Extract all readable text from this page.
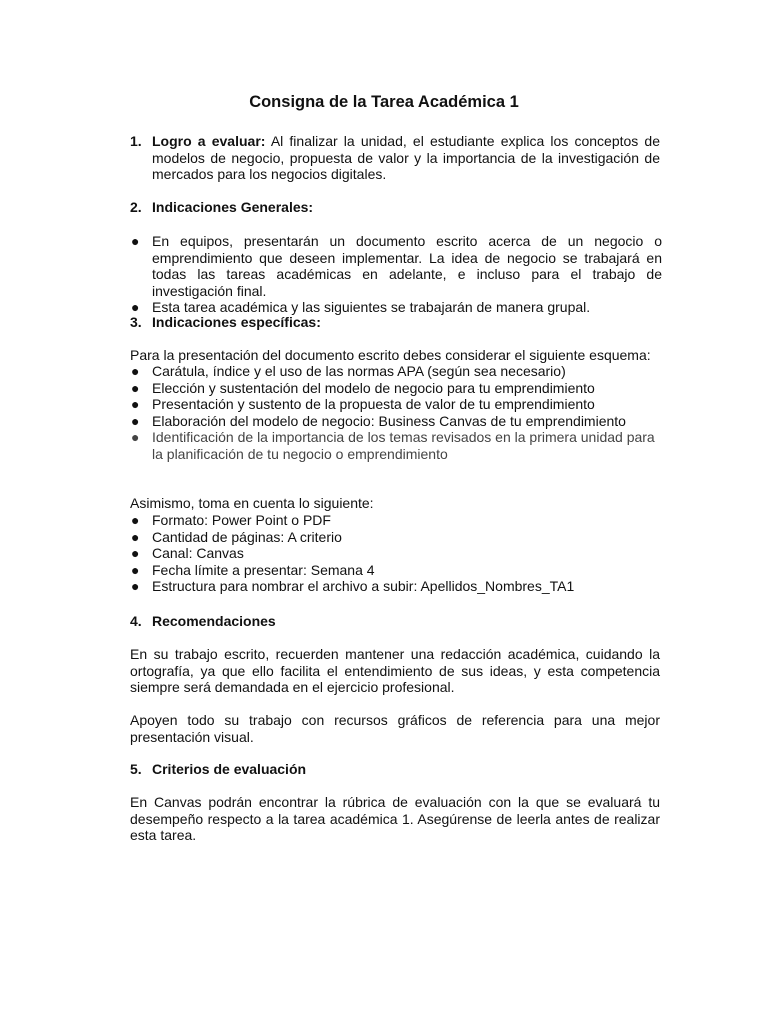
Consigna de la Tarea Académica 1
1. Logro a evaluar: Al finalizar la unidad, el estudiante explica los conceptos de modelos de negocio, propuesta de valor y la importancia de la investigación de mercados para los negocios digitales.
2. Indicaciones Generales:
● En equipos, presentarán un documento escrito acerca de un negocio o emprendimiento que deseen implementar. La idea de negocio se trabajará en todas las tareas académicas en adelante, e incluso para el trabajo de investigación final.
● Esta tarea académica y las siguientes se trabajarán de manera grupal.
3. Indicaciones específicas:
Para la presentación del documento escrito debes considerar el siguiente esquema:
● Carátula, índice y el uso de las normas APA (según sea necesario)
● Elección y sustentación del modelo de negocio para tu emprendimiento
● Presentación y sustento de la propuesta de valor de tu emprendimiento
● Elaboración del modelo de negocio: Business Canvas de tu emprendimiento
● Identificación de la importancia de los temas revisados en la primera unidad para la planificación de tu negocio o emprendimiento
Asimismo, toma en cuenta lo siguiente:
● Formato: Power Point o PDF
● Cantidad de páginas: A criterio
● Canal: Canvas
● Fecha límite a presentar: Semana 4
● Estructura para nombrar el archivo a subir: Apellidos_Nombres_TA1
4. Recomendaciones
En su trabajo escrito, recuerden mantener una redacción académica, cuidando la ortografía, ya que ello facilita el entendimiento de sus ideas, y esta competencia siempre será demandada en el ejercicio profesional.
Apoyen todo su trabajo con recursos gráficos de referencia para una mejor presentación visual.
5. Criterios de evaluación
En Canvas podrán encontrar la rúbrica de evaluación con la que se evaluará tu desempeño respecto a la tarea académica 1. Asegúrense de leerla antes de realizar esta tarea.
